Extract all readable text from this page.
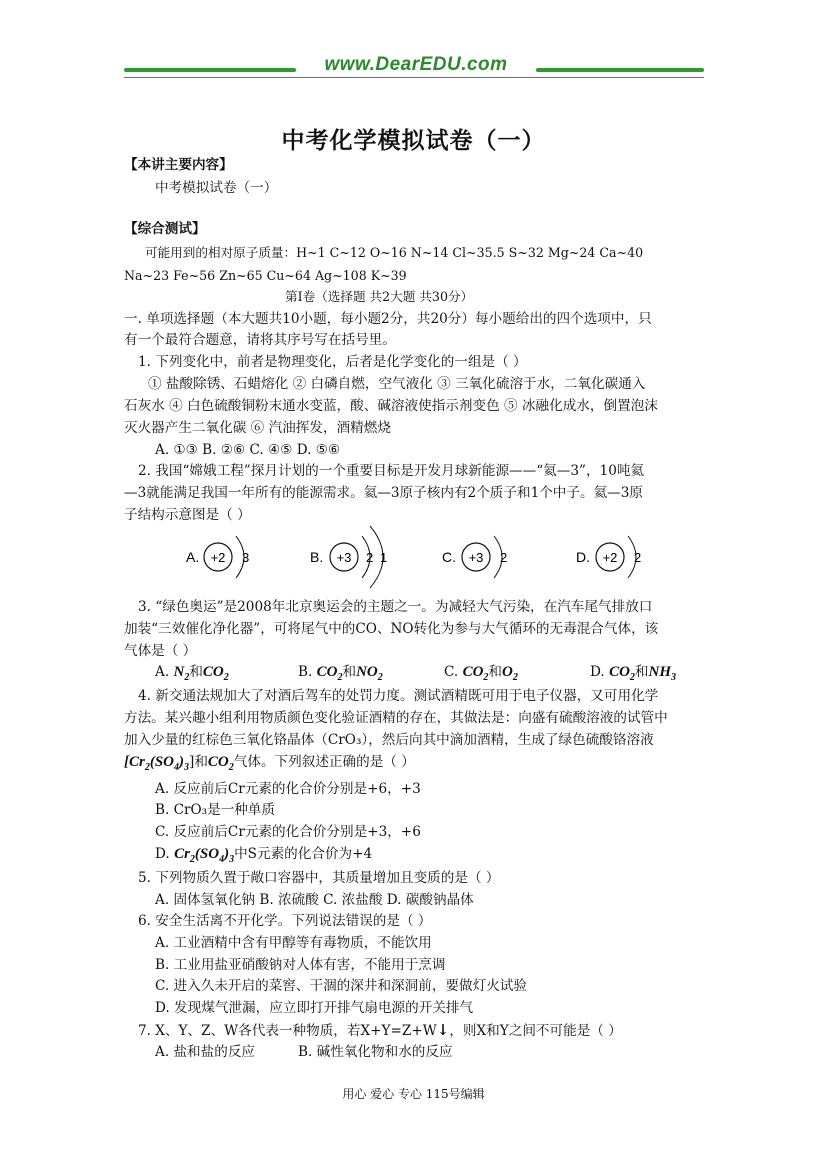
www.DearEDU.com
中考化学模拟试卷（一）
【本讲主要内容】
中考模拟试卷（一）
【综合测试】
可能用到的相对原子质量：H~1 C~12 O~16 N~14 Cl~35.5 S~32 Mg~24 Ca~40
Na~23 Fe~56 Zn~65 Cu~64 Ag~108 K~39
第Ⅰ卷（选择题 共2大题 共30分）
一. 单项选择题（本大题共10小题，每小题2分，共20分）每小题给出的四个选项中，只
有一个最符合题意，请将其序号写在括号里。
1. 下列变化中，前者是物理变化，后者是化学变化的一组是（ ）
① 盐酸除锈、石蜡熔化 ② 白磷自燃，空气液化 ③ 三氧化硫溶于水，二氧化碳通入
石灰水 ④ 白色硫酸铜粉末通水变蓝，酸、碱溶液使指示剂变色 ⑤ 冰融化成水，倒置泡沫
灭火器产生二氧化碳 ⑥ 汽油挥发，酒精燃烧
A. ①③ B. ②⑥ C. ④⑤ D. ⑤⑥
2. 我国“嫦娥工程”探月计划的一个重要目标是开发月球新能源——“氦—3”，10吨氦
—3就能满足我国一年所有的能源需求。氦—3原子核内有2个质子和1个中子。氦—3原
子结构示意图是（ ）
A. +2 3	B. +3 2 1	C. +3 2	D. +2 2
3. “绿色奥运”是2008年北京奥运会的主题之一。为减轻大气污染，在汽车尾气排放口
加装“三效催化净化器”，可将尾气中的CO、NO转化为参与大气循环的无毒混合气体，该
气体是（ ）
A. $N_2$和$CO_2$	B. $CO_2$和$NO_2$	C. $CO_2$和$O_2$	D. $CO_2$和$NH_3$
4. 新交通法规加大了对酒后驾车的处罚力度。测试酒精既可用于电子仪器，又可用化学
方法。某兴趣小组利用物质颜色变化验证酒精的存在，其做法是：向盛有硫酸溶液的试管中
加入少量的红棕色三氧化铬晶体（CrO₃），然后向其中滴加酒精，生成了绿色硫酸铬溶液
$[Cr_2(SO_4)_3]$和$CO_2$气体。下列叙述正确的是（ ）
A. 反应前后Cr元素的化合价分别是+6，+3
B. CrO₃是一种单质
C. 反应前后Cr元素的化合价分别是+3，+6
D. $Cr_2(SO_4)_3$中S元素的化合价为+4
5. 下列物质久置于敞口容器中，其质量增加且变质的是（ ）
A. 固体氢氧化钠 B. 浓硫酸 C. 浓盐酸 D. 碳酸钠晶体
6. 安全生活离不开化学。下列说法错误的是（ ）
A. 工业酒精中含有甲醇等有毒物质，不能饮用
B. 工业用盐亚硝酸钠对人体有害，不能用于烹调
C. 进入久未开启的菜窖、干涸的深井和深洞前，要做灯火试验
D. 发现煤气泄漏，应立即打开排气扇电源的开关排气
7. X、Y、Z、W各代表一种物质，若X+Y=Z+W↓，则X和Y之间不可能是（ ）
A. 盐和盐的反应	B. 碱性氧化物和水的反应
用心 爱心 专心 115号编辑
